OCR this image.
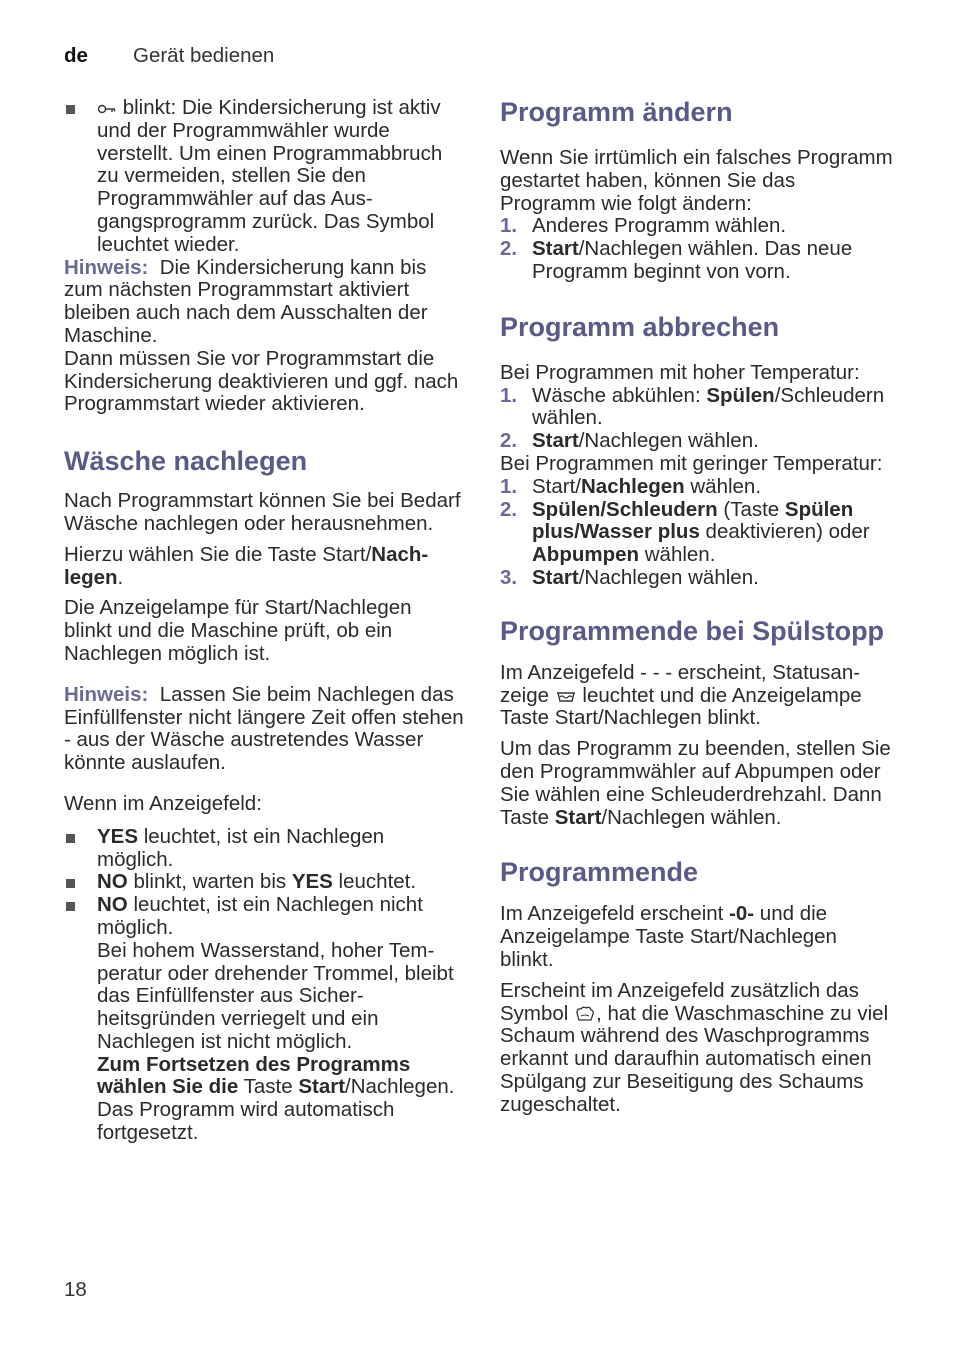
de Gerät bedienen
blinkt: Die Kindersicherung ist aktiv und der Programmwähler wurde verstellt. Um einen Programmabbruch zu vermeiden, stellen Sie den Programmwähler auf das Ausgangsprogramm zurück. Das Symbol leuchtet wieder.

Hinweis: Die Kindersicherung kann bis zum nächsten Programmstart aktiviert bleiben auch nach dem Ausschalten der Maschine.

Dann müssen Sie vor Programmstart die Kindersicherung deaktivieren und ggf. nach Programmstart wieder aktivieren.

Wäsche nachlegen

Nach Programmstart können Sie bei Bedarf Wäsche nachlegen oder herausnehmen.

Hierzu wählen Sie die Taste Start/Nachlegen.

Die Anzeigelampe für Start/Nachlegen blinkt und die Maschine prüft, ob ein Nachlegen möglich ist.

Hinweis: Lassen Sie beim Nachlegen das Einfüllfenster nicht längere Zeit offen stehen - aus der Wäsche austretendes Wasser könnte auslaufen.

Wenn im Anzeigefeld:

YES leuchtet, ist ein Nachlegen möglich.
NO blinkt, warten bis YES leuchtet.
NO leuchtet, ist ein Nachlegen nicht möglich.
Bei hohem Wasserstand, hoher Temperatur oder drehender Trommel, bleibt das Einfüllfenster aus Sicherheitsgründen verriegelt und ein Nachlegen ist nicht möglich.
Zum Fortsetzen des Programms wählen Sie die Taste Start/Nachlegen. Das Programm wird automatisch fortgesetzt.
Programm ändern

Wenn Sie irrtümlich ein falsches Programm gestartet haben, können Sie das Programm wie folgt ändern:

1. Anderes Programm wählen.
2. Start/Nachlegen wählen. Das neue Programm beginnt von vorn.
Programm abbrechen

Bei Programmen mit hoher Temperatur:

1. Wäsche abkühlen: Spülen/Schleudern wählen.
2. Start/Nachlegen wählen.

Bei Programmen mit geringer Temperatur:

1. Start/Nachlegen wählen.
2. Spülen/Schleudern (Taste Spülen plus/Wasser plus deaktivieren) oder Abpumpen wählen.
3. Start/Nachlegen wählen.
Programmende bei Spülstopp

Im Anzeigefeld - - - erscheint, Statusanzeige leuchtet und die Anzeigelampe Taste Start/Nachlegen blinkt.

Um das Programm zu beenden, stellen Sie den Programmwähler auf Abpumpen oder Sie wählen eine Schleuderdrehzahl. Dann Taste Start/Nachlegen wählen.

Programmende

Im Anzeigefeld erscheint -0- und die Anzeigelampe Taste Start/Nachlegen blinkt.

Erscheint im Anzeigefeld zusätzlich das Symbol , hat die Waschmaschine zu viel Schaum während des Waschprogramms erkannt und daraufhin automatisch einen Spülgang zur Beseitigung des Schaums zugeschaltet.

18
